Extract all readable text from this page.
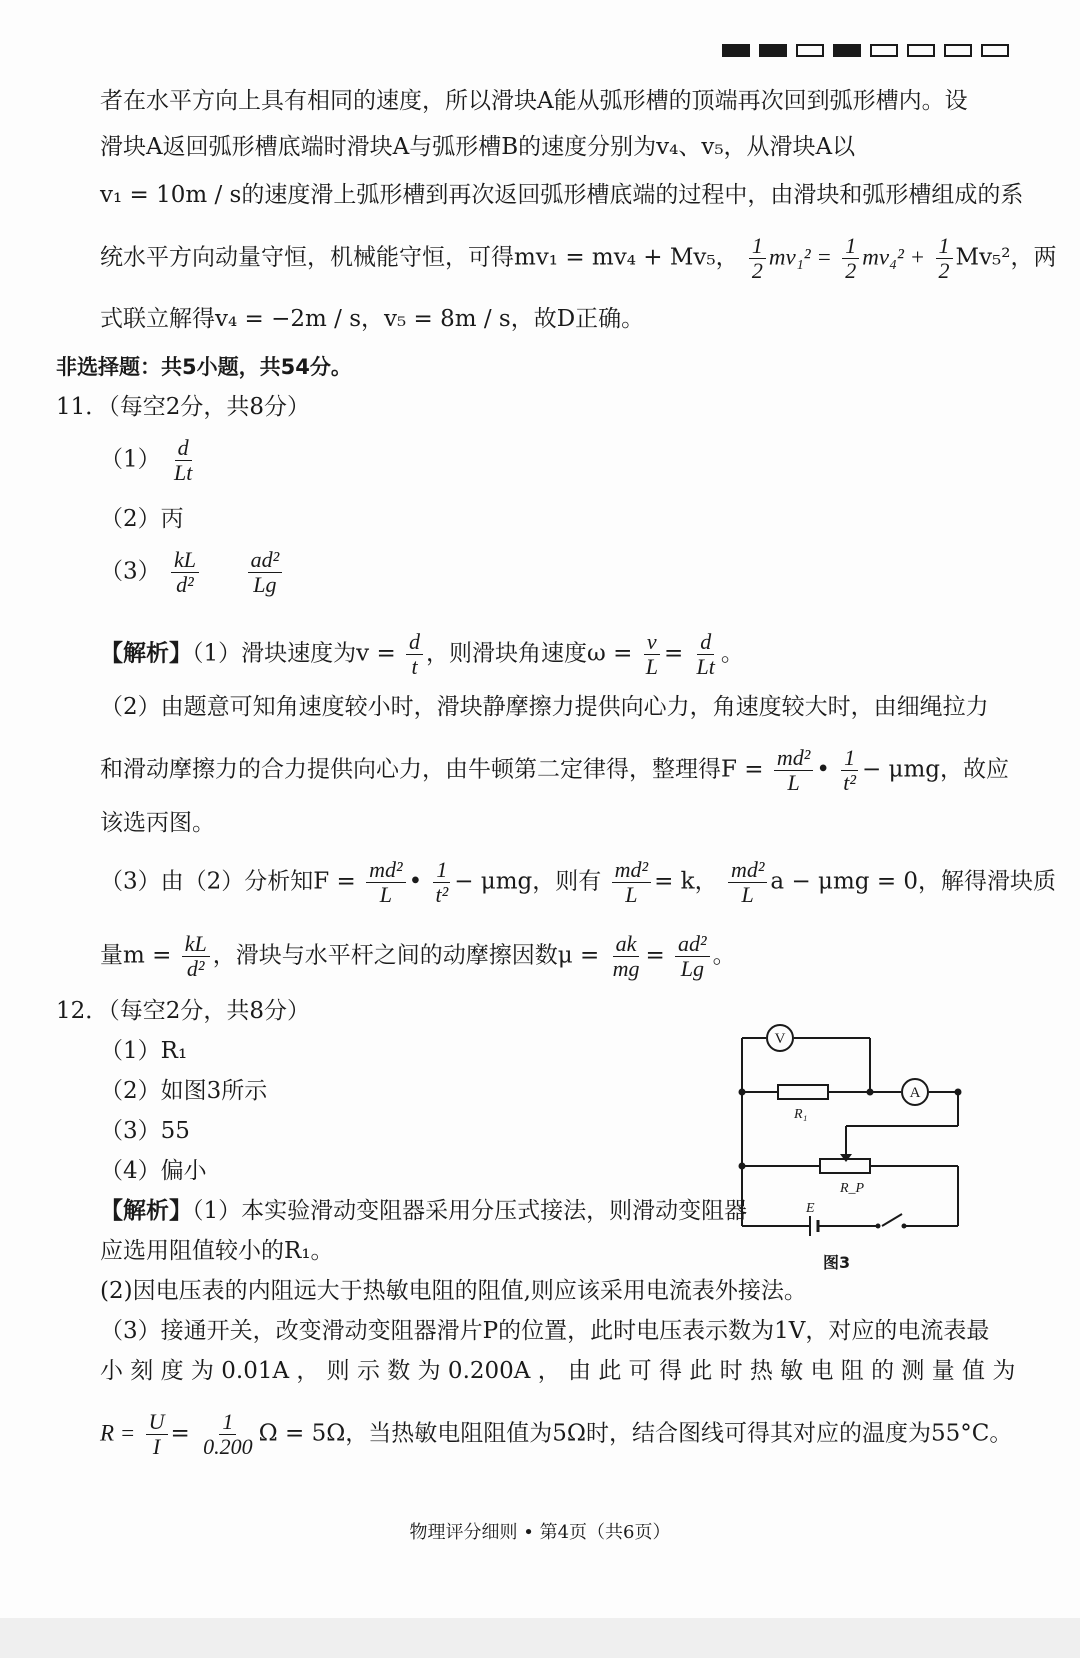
者在水平方向上具有相同的速度，所以滑块A能从弧形槽的顶端再次回到弧形槽内。设
滑块A返回弧形槽底端时滑块A与弧形槽B的速度分别为v₄、v₅，从滑块A以
v₁ = 10m / s的速度滑上弧形槽到再次返回弧形槽底端的过程中，由滑块和弧形槽组成的系
统水平方向动量守恒，机械能守恒，可得mv₁ = mv₄ + Mv₅， $\frac{1}{2} mv_1^2 = \frac{1}{2} mv_4^2 + \frac{1}{2} Mv_5^2$，两
式联立解得v₄ = −2m / s，v₅ = 8m / s，故D正确。
非选择题：共5小题，共54分。
11．（每空2分，共8分）
$(1) \frac{d}{Lt}$
（2）丙
$(3) \frac{kL}{\text{d²}}$
$\frac{\text{ad²}}{Lg}$
【解析】（1）滑块速度为$v = \frac{d}{t}$ ，则滑块角速度$\omega = \frac{v}{L} = \frac{d}{Lt}$ 。
（2）由题意可知角速度较小时，滑块静摩擦力提供向心力，角速度较大时，由细绳拉力
和滑动摩擦力的合力提供向心力，由牛顿第二定律得，整理得$F = \frac{\text{md²}}{L}$ • $\frac{1}{\text{t²}} - \mu mg$，故应
该选丙图。
（3）由（2）分析知$F = \frac{\text{md²}}{L}$ • $\frac{1}{\text{t²}} - \mu mg$，则有 $\frac{\text{md²}}{L} = k$， $\frac{\text{md²}}{L}$ a − μmg = 0，解得滑块质
量$m = \frac{kL}{\text{d²}}$ ，滑块与水平杆之间的动摩擦因数$\mu = \frac{ak}{mg} = \frac{\text{ad²}}{Lg}$ 。
12．（每空2分，共8分）
（1）R₁
（2）如图3所示
（3）55
（4）偏小
【解析】（1）本实验滑动变阻器采用分压式接法，则滑动变阻器
应选用阻值较小的R₁。
(2)因电压表的内阻远大于热敏电阻的阻值,则应该采用电流表外接法。
（3）接通开关，改变滑动变阻器滑片P的位置，此时电压表示数为1V，对应的电流表最
小 刻 度 为 0.01A ， 则 示 数 为 0.200A ， 由 此 可 得 此 时 热 敏 电 阻 的 测 量 值 为
$R = \frac{U}{I} = \frac{1}{0.200}$ Ω = 5Ω，当热敏电阻阻值为5Ω时，结合图线可得其对应的温度为55°C。
V
A
R₁
R_P
E
图3
物理评分细则 • 第4页（共6页）
